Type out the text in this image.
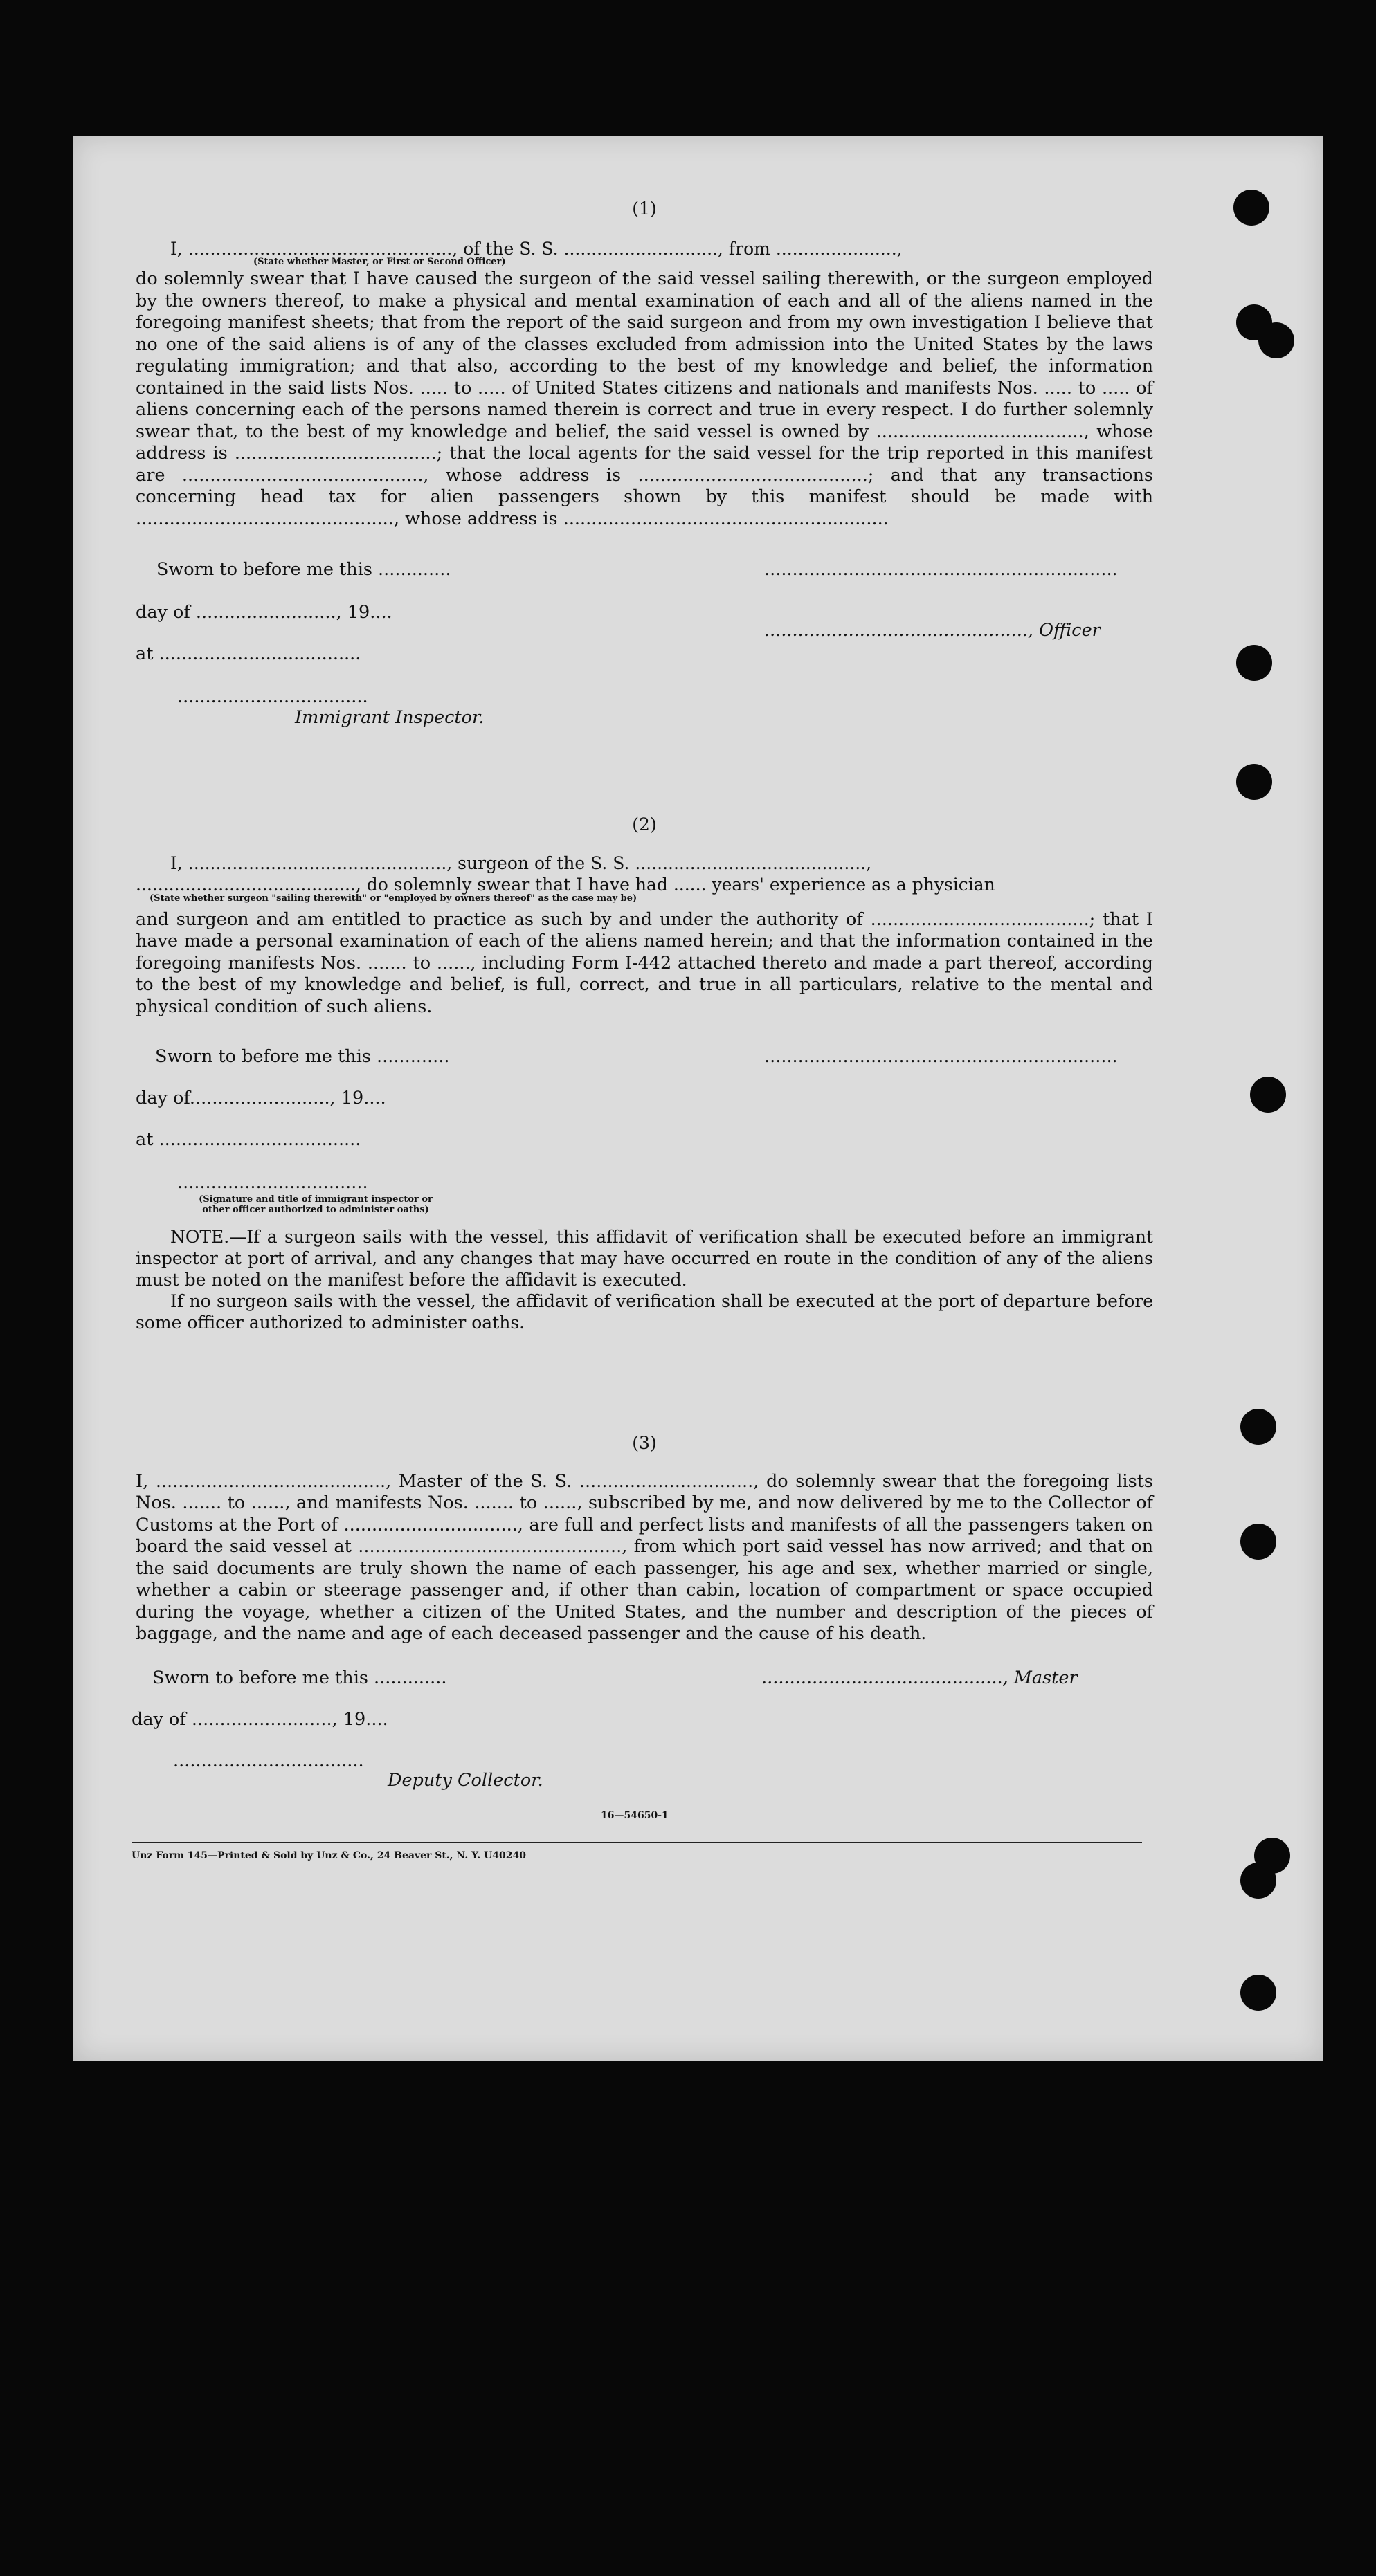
(1)
I, ................................................, of the S. S. ............................, from ......................,
(State whether Master, or First or Second Officer)

do solemnly swear that I have caused the surgeon of the said vessel sailing therewith, or the surgeon employed by the owners thereof, to make a physical and mental examination of each and all of the aliens named in the foregoing manifest sheets; that from the report of the said surgeon and from my own investigation I believe that no one of the said aliens is of any of the classes excluded from admission into the United States by the laws regulating immigration; and that also, according to the best of my knowledge and belief, the information contained in the said lists Nos. ..... to ..... of United States citizens and nationals and manifests Nos. ..... to ..... of aliens concerning each of the persons named therein is correct and true in every respect. I do further solemnly swear that, to the best of my knowledge and belief, the said vessel is owned by ....................................., whose address is ....................................; that the local agents for the said vessel for the trip reported in this manifest are ..........................................., whose address is .........................................; and that any transactions concerning head tax for alien passengers shown by this manifest should be made with .............................................., whose address is ..........................................................

Sworn to before me this .............	...............................................................
day of ........................., 19....
..............................................., Officer
at ....................................
..................................
Immigrant Inspector.
(2)
I, ..............................................., surgeon of the S. S. ..........................................,
........................................, do solemnly swear that I have had ...... years' experience as a physician
(State whether surgeon "sailing therewith" or "employed by owners thereof" as the case may be)

and surgeon and am entitled to practice as such by and under the authority of .......................................; that I have made a personal examination of each of the aliens named herein; and that the information contained in the foregoing manifests Nos. ....... to ......, including Form I-442 attached thereto and made a part thereof, according to the best of my knowledge and belief, is full, correct, and true in all particulars, relative to the mental and physical condition of such aliens.

Sworn to before me this .............	...............................................................
day of........................., 19....
at ....................................
..................................
(Signature and title of immigrant inspector or other officer authorized to administer oaths)

NOTE.—If a surgeon sails with the vessel, this affidavit of verification shall be executed before an immigrant inspector at port of arrival, and any changes that may have occurred en route in the condition of any of the aliens must be noted on the manifest before the affidavit is executed.

If no surgeon sails with the vessel, the affidavit of verification shall be executed at the port of departure before some officer authorized to administer oaths.

(3)

I, ........................................., Master of the S. S. ..............................., do solemnly swear that the foregoing lists Nos. ....... to ......, and manifests Nos. ....... to ......, subscribed by me, and now delivered by me to the Collector of Customs at the Port of ..............................., are full and perfect lists and manifests of all the passengers taken on board the said vessel at ..............................................., from which port said vessel has now arrived; and that on the said documents are truly shown the name of each passenger, his age and sex, whether married or single, whether a cabin or steerage passenger and, if other than cabin, location of compartment or space occupied during the voyage, whether a citizen of the United States, and the number and description of the pieces of baggage, and the name and age of each deceased passenger and the cause of his death.

Sworn to before me this .............	..........................................., Master
day of ........................., 19....
..................................
Deputy Collector.
16—54650-1
Unz Form 145—Printed & Sold by Unz & Co., 24 Beaver St., N. Y. U40240
